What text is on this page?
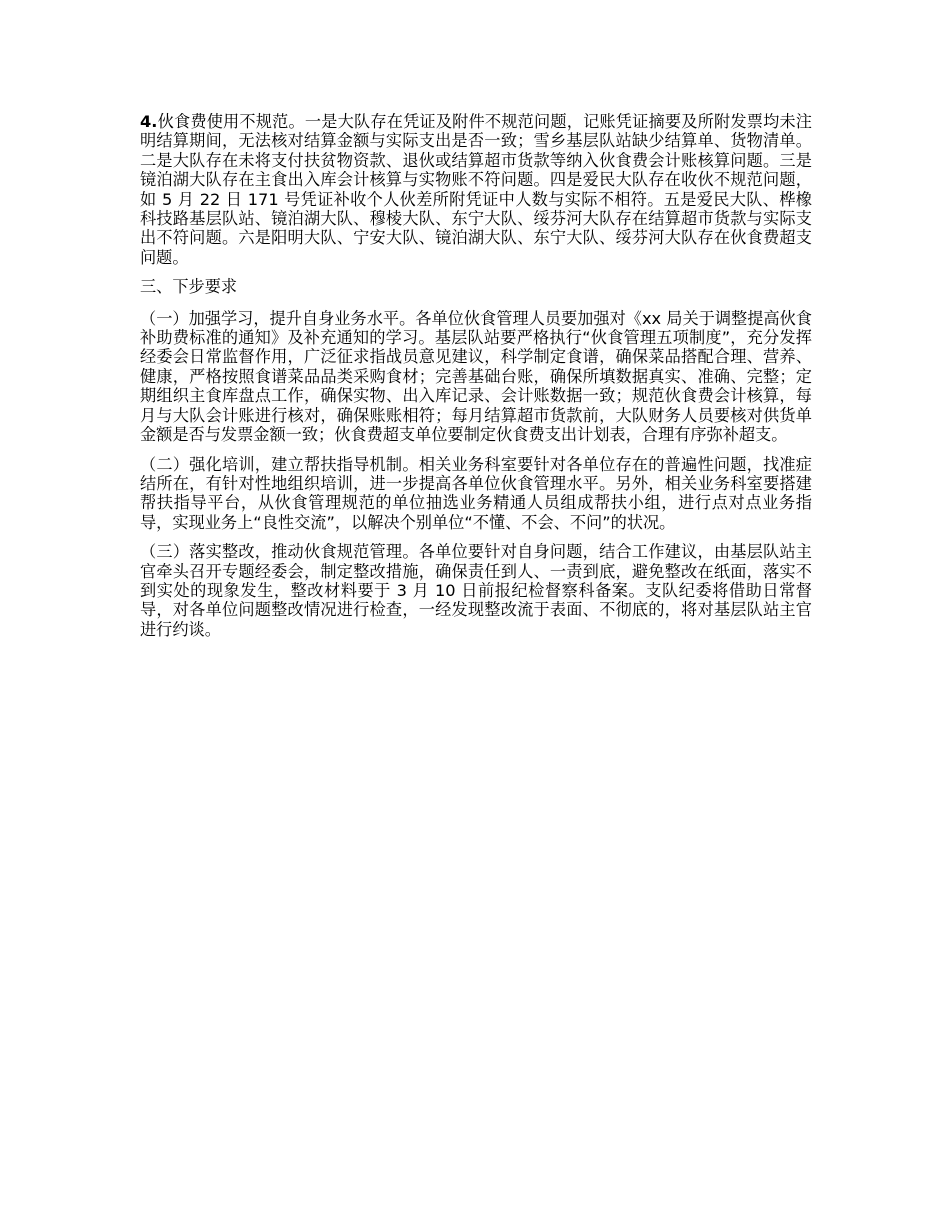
4.伙食费使用不规范。一是大队存在凭证及附件不规范问题，记账凭证摘要及所附发票均未注明结算期间，无法核对结算金额与实际支出是否一致；雪乡基层队站缺少结算单、货物清单。二是大队存在未将支付扶贫物资款、退伙或结算超市货款等纳入伙食费会计账核算问题。三是镜泊湖大队存在主食出入库会计核算与实物账不符问题。四是爱民大队存在收伙不规范问题，如 5 月 22 日 171 号凭证补收个人伙差所附凭证中人数与实际不相符。五是爱民大队、桦橡科技路基层队站、镜泊湖大队、穆棱大队、东宁大队、绥芬河大队存在结算超市货款与实际支出不符问题。六是阳明大队、宁安大队、镜泊湖大队、东宁大队、绥芬河大队存在伙食费超支问题。

三、下步要求

（一）加强学习，提升自身业务水平。各单位伙食管理人员要加强对《xx 局关于调整提高伙食补助费标准的通知》及补充通知的学习。基层队站要严格执行“伙食管理五项制度”，充分发挥经委会日常监督作用，广泛征求指战员意见建议，科学制定食谱，确保菜品搭配合理、营养、健康，严格按照食谱菜品品类采购食材；完善基础台账，确保所填数据真实、准确、完整；定期组织主食库盘点工作，确保实物、出入库记录、会计账数据一致；规范伙食费会计核算，每月与大队会计账进行核对，确保账账相符；每月结算超市货款前，大队财务人员要核对供货单金额是否与发票金额一致；伙食费超支单位要制定伙食费支出计划表，合理有序弥补超支。

（二）强化培训，建立帮扶指导机制。相关业务科室要针对各单位存在的普遍性问题，找准症结所在，有针对性地组织培训，进一步提高各单位伙食管理水平。另外，相关业务科室要搭建帮扶指导平台，从伙食管理规范的单位抽选业务精通人员组成帮扶小组，进行点对点业务指导，实现业务上“良性交流”，以解决个别单位“不懂、不会、不问”的状况。

（三）落实整改，推动伙食规范管理。各单位要针对自身问题，结合工作建议，由基层队站主官牵头召开专题经委会，制定整改措施，确保责任到人、一责到底，避免整改在纸面，落实不到实处的现象发生，整改材料要于 3 月 10 日前报纪检督察科备案。支队纪委将借助日常督导，对各单位问题整改情况进行检查，一经发现整改流于表面、不彻底的，将对基层队站主官进行约谈。
